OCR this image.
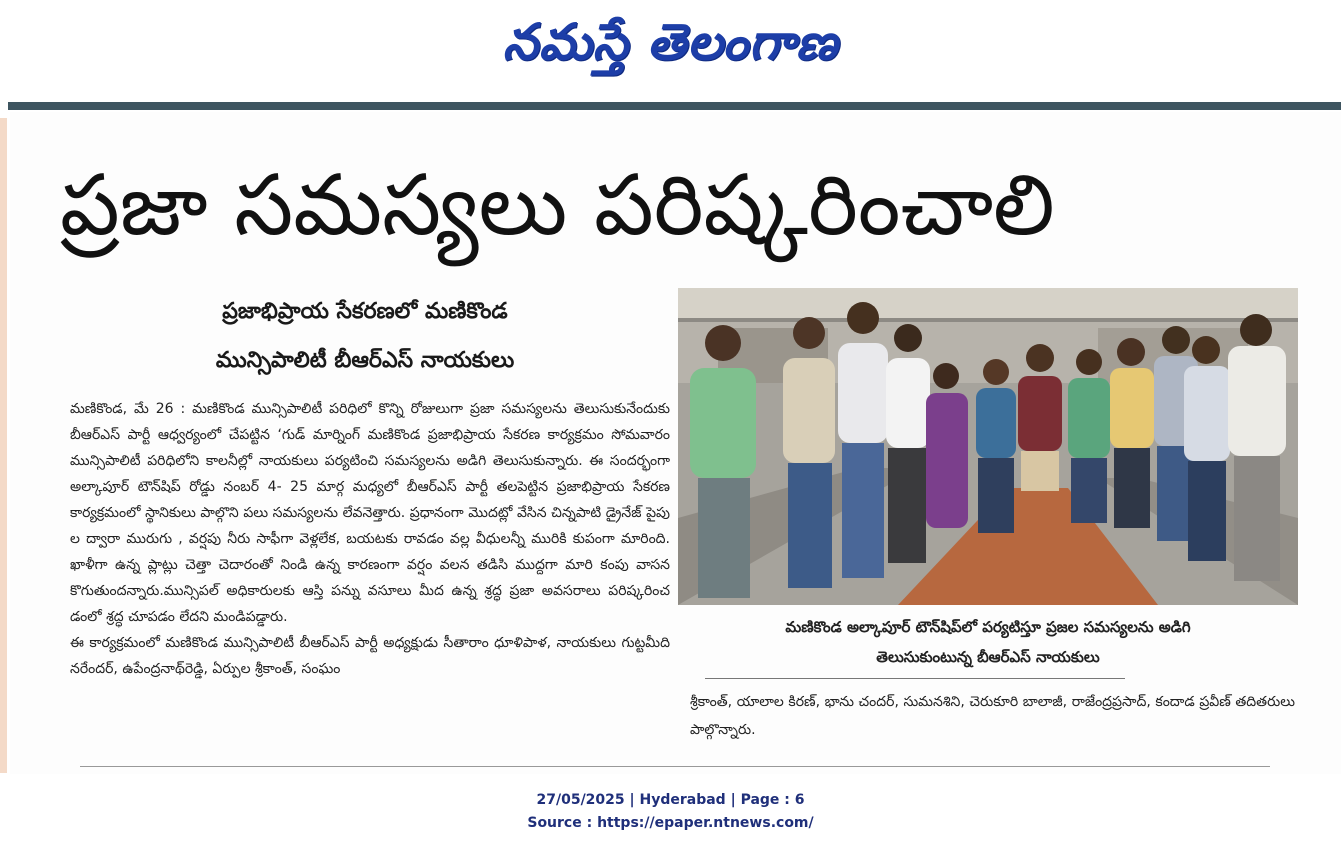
నమస్తే తెలంగాణ
ప్రజా సమస్యలు పరిష్కరించాలి
ప్రజాభిప్రాయ సేకరణలో మణికొండ
మున్సిపాలిటీ బీఆర్ఎస్ నాయకులు

మణికొండ, మే 26 : మణికొండ మున్సిపాలిటీ పరిధిలో కొన్ని రోజులుగా ప్రజా సమస్యలను తెలుసుకునేందుకు బీఆర్ఎస్ పార్టీ ఆధ్వర్యంలో చేపట్టిన ‘గుడ్ మార్నింగ్ మణికొండ ప్రజాభిప్రాయ సేకరణ కార్యక్రమం సోమవారం మున్సిపాలిటీ పరిధిలోని కాలనీల్లో నాయకులు పర్యటించి సమస్యలను అడిగి తెలుసుకున్నారు. ఈ సందర్భంగా అల్కాపూర్ టౌన్‌షిప్ రోడ్డు నంబర్ 4- 25 మార్గ మధ్యలో బీఆర్ఎస్ పార్టీ తలపెట్టిన ప్రజాభిప్రాయ సేకరణ కార్యక్రమంలో స్థానికులు పాల్గొని పలు సమస్యలను లేవనెత్తారు. ప్రధానంగా మొదట్లో వేసిన చిన్నపాటి డ్రైనేజ్ పైపు ల ద్వారా మురుగు , వర్షపు నీరు సాఫీగా వెళ్లలేక, బయటకు రావడం వల్ల వీధులన్నీ మురికి కుపంగా మారింది. ఖాళీగా ఉన్న ప్లాట్లు చెత్తా చెదారంతో నిండి ఉన్న కారణంగా వర్షం వలన తడిసి ముద్దగా మారి కంపు వాసన కొగుతుందన్నారు.మున్సిపల్ అధికారులకు ఆస్తి పన్ను వసూలు మీద ఉన్న శ్రద్ధ ప్రజా అవసరాలు పరిష్కరించ డంలో శ్రద్ధ చూపడం లేదని మండిపడ్డారు.

ఈ కార్యక్రమంలో మణికొండ మున్సిపాలిటీ బీఆర్ఎస్ పార్టీ అధ్యక్షుడు సీతారాం ధూళిపాళ, నాయకులు గుట్టమీది నరేందర్, ఉపేంద్రనాథ్‌రెడ్డి, ఏర్పుల శ్రీకాంత్, సంఘం

మణికొండ అల్కాపూర్ టౌన్‌షిప్‌లో పర్యటిస్తూ ప్రజల సమస్యలను అడిగి
తెలుసుకుంటున్న బీఆర్ఎస్ నాయకులు
శ్రీకాంత్, యాలాల కిరణ్, భాను చందర్, సుమనశిని, చెరుకూరి బాలాజీ, రాజేంద్రప్రసాద్, కందాడ ప్రవీణ్ తదితరులు పాల్గొన్నారు.
27/05/2025 | Hyderabad | Page : 6
Source : https://epaper.ntnews.com/
